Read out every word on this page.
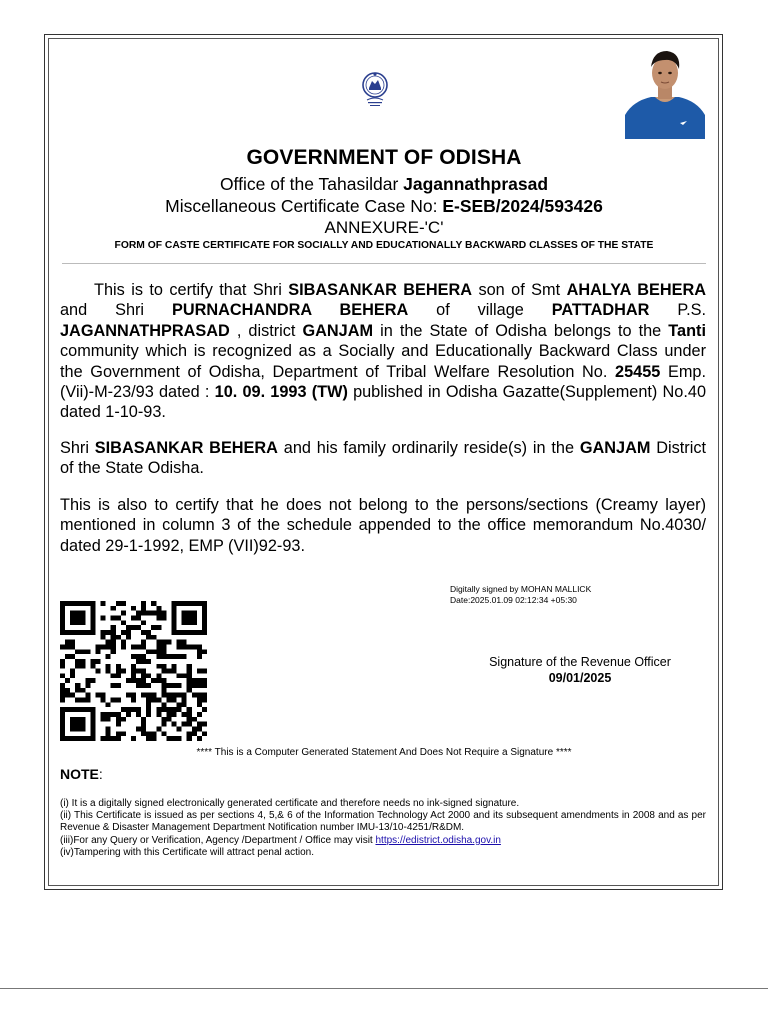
GOVERNMENT OF ODISHA
Office of the Tahasildar Jagannathprasad
Miscellaneous Certificate Case No: E-SEB/2024/593426
ANNEXURE-'C'
FORM OF CASTE CERTIFICATE FOR SOCIALLY AND EDUCATIONALLY BACKWARD CLASSES OF THE STATE
This is to certify that Shri SIBASANKAR BEHERA son of Smt AHALYA BEHERA and Shri PURNACHANDRA BEHERA of village PATTADHAR P.S. JAGANNATHPRASAD , district GANJAM in the State of Odisha belongs to the Tanti community which is recognized as a Socially and Educationally Backward Class under the Government of Odisha, Department of Tribal Welfare Resolution No. 25455 Emp. (Vii)-M-23/93 dated : 10. 09. 1993 (TW) published in Odisha Gazatte(Supplement) No.40 dated 1-10-93.
Shri SIBASANKAR BEHERA and his family ordinarily reside(s) in the GANJAM District of the State Odisha.
This is also to certify that he does not belong to the persons/sections (Creamy layer) mentioned in column 3 of the schedule appended to the office memorandum No.4030/ dated 29-1-1992, EMP (VII)92-93.
Digitally signed by MOHAN MALLICK
Date:2025.01.09 02:12:34 +05:30
Signature of the Revenue Officer
09/01/2025
**** This is a Computer Generated Statement And Does Not Require a Signature ****
NOTE:
(i) It is a digitally signed electronically generated certificate and therefore needs no ink-signed signature.
(ii) This Certificate is issued as per sections 4, 5,& 6 of the Information Technology Act 2000 and its subsequent amendments in 2008 and as per Revenue & Disaster Management Department Notification number IMU-13/10-4251/R&DM.
(iii)For any Query or Verification, Agency /Department / Office may visit https://edistrict.odisha.gov.in
(iv)Tampering with this Certificate will attract penal action.
